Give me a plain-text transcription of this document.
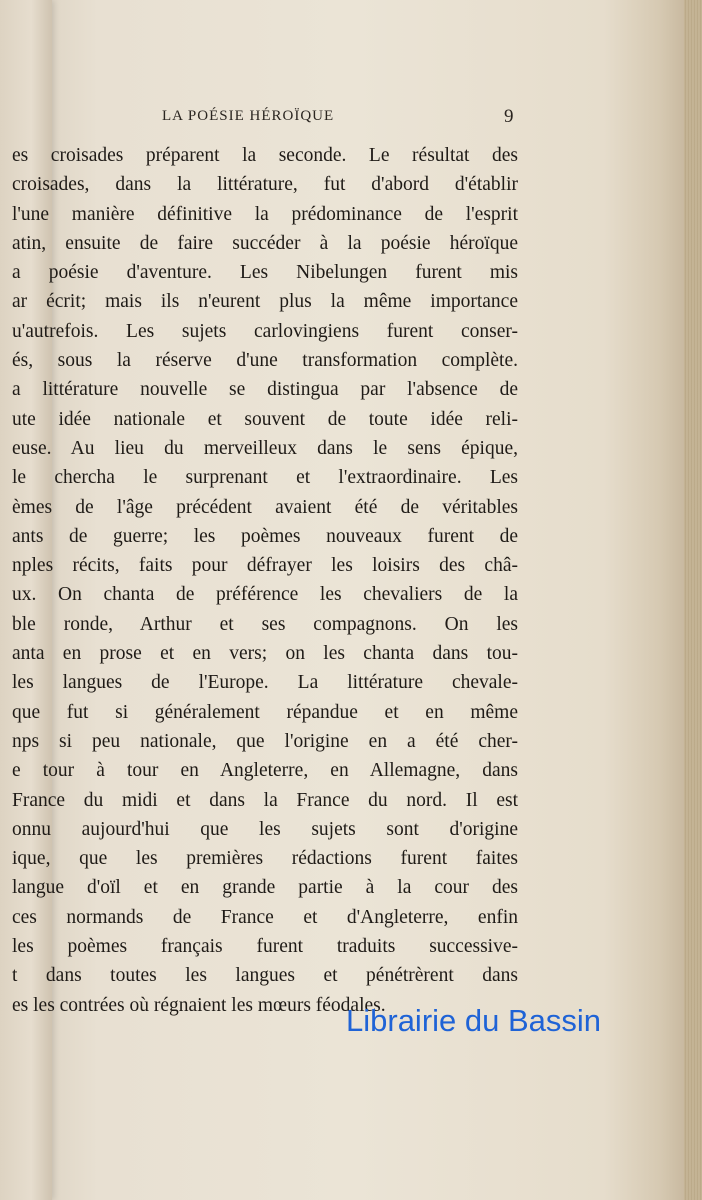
LA POÉSIE HÉROÏQUE	9
es croisades préparent la seconde. Le résultat des
croisades, dans la littérature, fut d'abord d'établir
l'une manière définitive la prédominance de l'esprit
atin, ensuite de faire succéder à la poésie héroïque
a poésie d'aventure. Les Nibelungen furent mis
ar écrit; mais ils n'eurent plus la même importance
u'autrefois. Les sujets carlovingiens furent conser-
és, sous la réserve d'une transformation complète.
a littérature nouvelle se distingua par l'absence de
ute idée nationale et souvent de toute idée reli-
euse. Au lieu du merveilleux dans le sens épique,
le chercha le surprenant et l'extraordinaire. Les
èmes de l'âge précédent avaient été de véritables
ants de guerre; les poèmes nouveaux furent de
nples récits, faits pour défrayer les loisirs des châ-
ux. On chanta de préférence les chevaliers de la
ble ronde, Arthur et ses compagnons. On les
anta en prose et en vers; on les chanta dans tou-
les langues de l'Europe. La littérature chevale-
que fut si généralement répandue et en même
nps si peu nationale, que l'origine en a été cher-
e tour à tour en Angleterre, en Allemagne, dans
France du midi et dans la France du nord. Il est
onnu aujourd'hui que les sujets sont d'origine
ique, que les premières rédactions furent faites
langue d'oïl et en grande partie à la cour des
ces normands de France et d'Angleterre, enfin
les poèmes français furent traduits successive-
t dans toutes les langues et pénétrèrent dans
es les contrées où régnaient les mœurs féodales.
Librairie du Bassin
